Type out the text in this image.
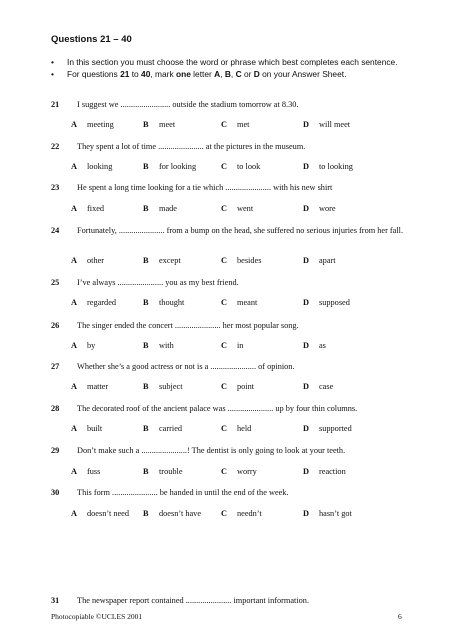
Questions 21 – 40
• In this section you must choose the word or phrase which best completes each sentence.
• For questions 21 to 40, mark one letter A, B, C or D on your Answer Sheet.
21 I suggest we ........................ outside the stadium tomorrow at 8.30.
A meeting	B meet	C met	D will meet
22 They spent a lot of time ...................... at the pictures in the museum.
A looking	B for looking	C to look	D to looking
23 He spent a long time looking for a tie which ...................... with his new shirt
A fixed	B made	C went	D wore
24 Fortunately, ...................... from a bump on the head, she suffered no serious injuries from her fall.
A other	B except	C besides	D apart
25 I’ve always ...................... you as my best friend.
A regarded	B thought	C meant	D supposed
26 The singer ended the concert ...................... her most popular song.
A by	B with	C in	D as
27 Whether she’s a good actress or not is a ...................... of opinion.
A matter	B subject	C point	D case
28 The decorated roof of the ancient palace was ...................... up by four thin columns.
A built	B carried	C held	D supported
29 Don’t make such a ......................! The dentist is only going to look at your teeth.
A fuss	B trouble	C worry	D reaction
30 This form ...................... be handed in until the end of the week.
A doesn’t need B doesn’t have C needn’t	D hasn’t got
31 The newspaper report contained ...................... important information.
Photocopiable ©UCLES 2001	6
